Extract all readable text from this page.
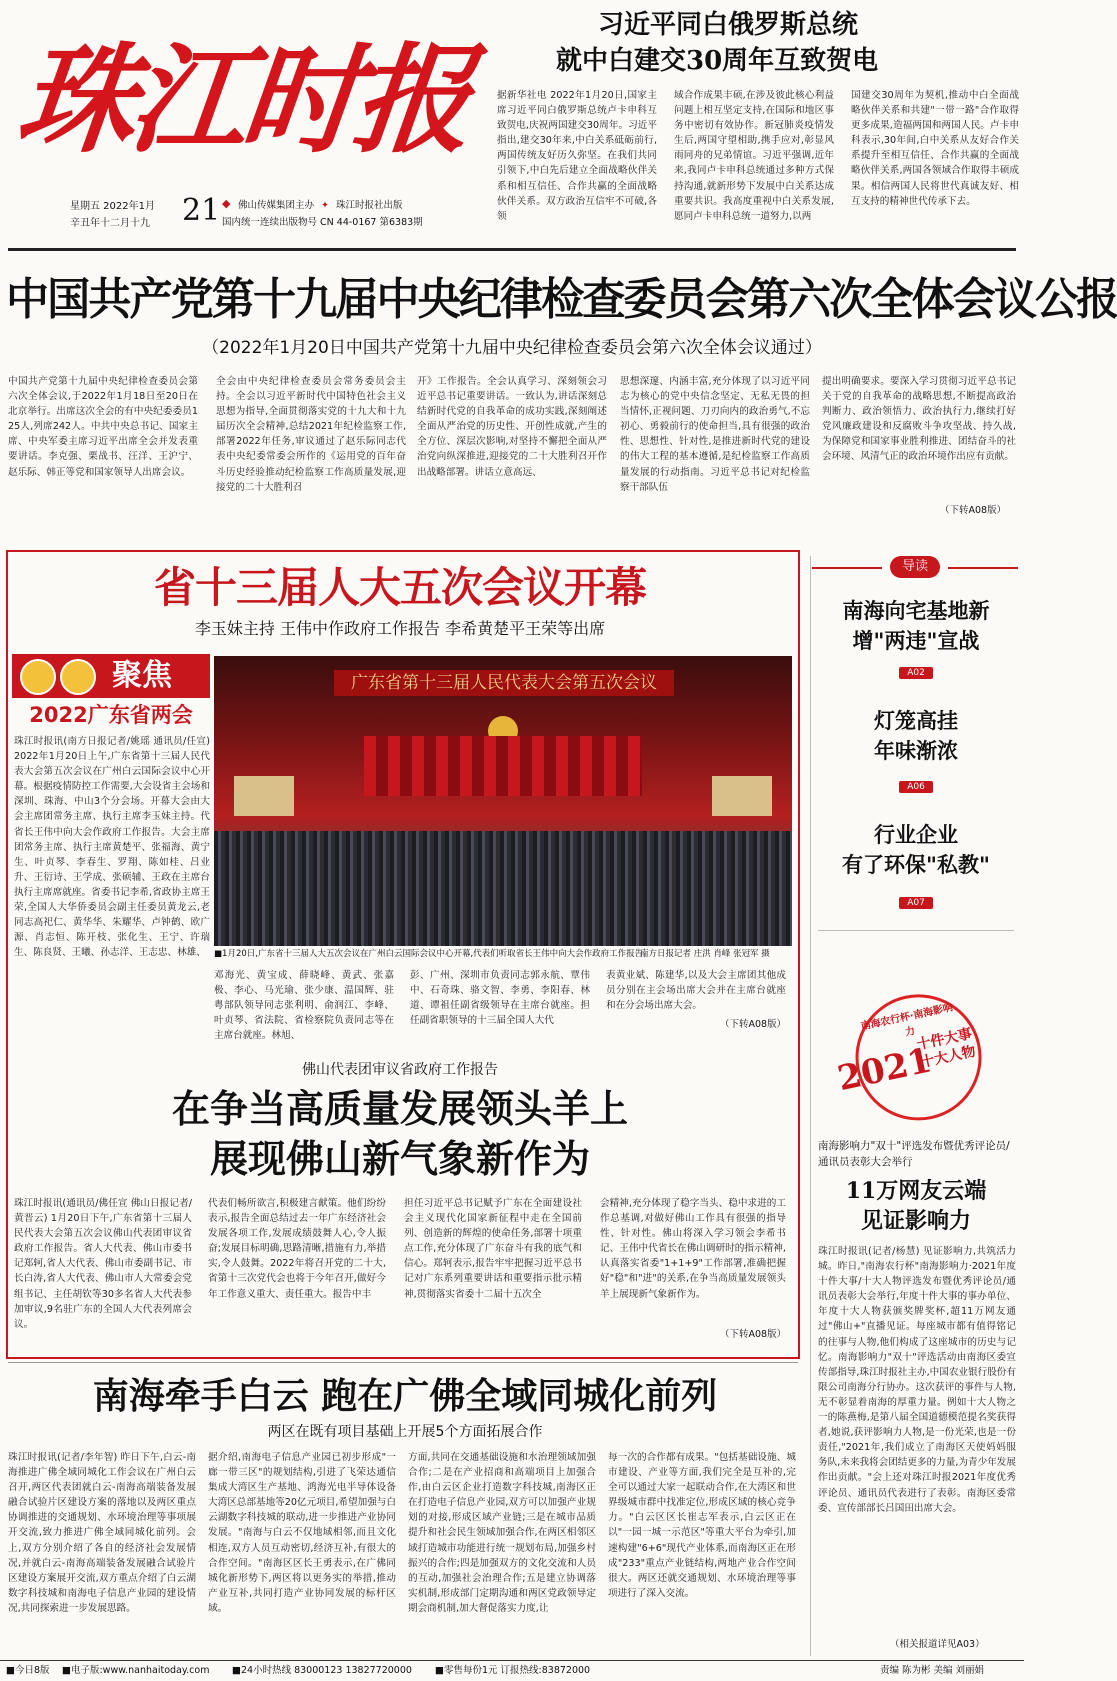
珠江时报
星期五 2022年1月
辛丑年十二月十九	21 ◆ 佛山传媒集团主办 ✦ 珠江时报社出版
国内统一连续出版物号 CN 44-0167 第6383期
习近平同白俄罗斯总统
就中白建交30周年互致贺电
据新华社电 2022年1月20日,国家主席习近平同白俄罗斯总统卢卡申科互致贺电,庆祝两国建交30周年。习近平指出,建交30年来,中白关系砥砺前行,两国传统友好历久弥坚。在我们共同引领下,中白先后建立全面战略伙伴关系和相互信任、合作共赢的全面战略伙伴关系。双方政治互信牢不可破,各领
域合作成果丰硕,在涉及彼此核心利益问题上相互坚定支持,在国际和地区事务中密切有效协作。新冠肺炎疫情发生后,两国守望相助,携手应对,彰显风雨同舟的兄弟情谊。习近平强调,近年来,我同卢卡申科总统通过多种方式保持沟通,就新形势下发展中白关系达成重要共识。我高度重视中白关系发展,愿同卢卡申科总统一道努力,以两
国建交30周年为契机,推动中白全面战略伙伴关系和共建"一带一路"合作取得更多成果,造福两国和两国人民。卢卡申科表示,30年间,白中关系从友好合作关系提升至相互信任、合作共赢的全面战略伙伴关系,两国各领域合作取得丰硕成果。相信两国人民将世代真诚友好、相互支持的精神世代传承下去。
中国共产党第十九届中央纪律检查委员会第六次全体会议公报
（2022年1月20日中国共产党第十九届中央纪律检查委员会第六次全体会议通过）
中国共产党第十九届中央纪律检查委员会第六次全体会议,于2022年1月18日至20日在北京举行。出席这次全会的有中央纪委委员125人,列席242人。中共中央总书记、国家主席、中央军委主席习近平出席全会并发表重要讲话。李克强、栗战书、汪洋、王沪宁、赵乐际、韩正等党和国家领导人出席会议。
全会由中央纪律检查委员会常务委员会主持。全会以习近平新时代中国特色社会主义思想为指导,全面贯彻落实党的十九大和十九届历次全会精神,总结2021年纪检监察工作,部署2022年任务,审议通过了赵乐际同志代表中央纪委常委会所作的《运用党的百年奋斗历史经验推动纪检监察工作高质量发展,迎接党的二十大胜利召
开》工作报告。全会认真学习、深刻领会习近平总书记重要讲话。一致认为,讲话深刻总结新时代党的自我革命的成功实践,深刻阐述全面从严治党的历史性、开创性成就,产生的全方位、深层次影响,对坚持不懈把全面从严治党向纵深推进,迎接党的二十大胜利召开作出战略部署。讲话立意高远、
思想深邃、内涵丰富,充分体现了以习近平同志为核心的党中央信念坚定、无私无畏的担当情怀,正视问题、刀刃向内的政治勇气,不忘初心、勇毅前行的使命担当,具有很强的政治性、思想性、针对性,是推进新时代党的建设的伟大工程的基本遵循,是纪检监察工作高质量发展的行动指南。习近平总书记对纪检监察干部队伍
提出明确要求。要深入学习贯彻习近平总书记关于党的自我革命的战略思想,不断提高政治判断力、政治领悟力、政治执行力,继续打好党风廉政建设和反腐败斗争攻坚战、持久战,为保障党和国家事业胜利推进、团结奋斗的社会环境、风清气正的政治环境作出应有贡献。
（下转A08版）
省十三届人大五次会议开幕
李玉妹主持 王伟中作政府工作报告 李希黄楚平王荣等出席
聚焦
2022广东省两会
珠江时报讯(南方日报记者/姚瑶 通讯员/任宣) 2022年1月20日上午,广东省第十三届人民代表大会第五次会议在广州白云国际会议中心开幕。根据疫情防控工作需要,大会设省主会场和深圳、珠海、中山3个分会场。开幕大会由大会主席团常务主席、执行主席李玉妹主持。代省长王伟中向大会作政府工作报告。大会主席团常务主席、执行主席黄楚平、张福海、黄宁生、叶贞琴、李春生、罗翔、陈如桂、吕业升、王衍诗、王学成、张硕辅、王政在主席台执行主席席就座。省委书记李希,省政协主席王荣,全国人大华侨委员会副主任委员黄龙云,老同志高祀仁、黄华华、朱耀华、卢钟鹤、欧广源、肖志恒、陈开枝、张化生、王宁、许瑞生、陈良贤、王曦、孙志洋、王志忠、林雄、
广东省第十三届人民代表大会第五次会议
■1月20日,广东省十三届人大五次会议在广州白云国际会议中心开幕,代表们听取省长王伟中向大会作政府工作报告。
南方日报记者 庄洪 肖峰 张冠军 摄
邓海光、黄宝成、薛晓峰、黄武、张嘉极、李心、马光瑜、张少康、温国辉、驻粤部队领导同志张利明、俞润江、李峰、叶贞琴、省法院、省检察院负责同志等在主席台就座。林旭、
彭、广州、深圳市负责同志郭永航、覃伟中、石奇珠、骆文智、李勇、李阳春、林道、谭祖任副省级领导在主席台就座。担任副省职领导的十三届全国人大代
表黄业斌、陈建华,以及大会主席团其他成员分别在主会场出席大会并在主席台就座和在分会场出席大会。
（下转A08版）
佛山代表团审议省政府工作报告
在争当高质量发展领头羊上
展现佛山新气象新作为
珠江时报讯(通讯员/佛任宣 佛山日报记者/黄晋云) 1月20日下午,广东省第十三届人民代表大会第五次会议佛山代表团审议省政府工作报告。省人大代表、佛山市委书记郑轲,省人大代表、佛山市委副书记、市长白涛,省人大代表、佛山市人大常委会党组书记、主任胡钦等30多名省人大代表参加审议,9名驻广东的全国人大代表列席会议。
代表们畅所欲言,积极建言献策。他们纷纷表示,报告全面总结过去一年广东经济社会发展各项工作,发展成绩鼓舞人心,令人振奋;发展目标明确,思路清晰,措施有力,举措实,令人鼓舞。2022年将召开党的二十大,省第十三次党代会也将于今年召开,做好今年工作意义重大、责任重大。报告中丰
担任习近平总书记赋予广东在全面建设社会主义现代化国家新征程中走在全国前列、创造新的辉煌的使命任务,部署十项重点工作,充分体现了广东奋斗有我的底气和信心。郑轲表示,报告牢牢把握习近平总书记对广东系列重要讲话和重要指示批示精神,贯彻落实省委十二届十五次全
会精神,充分体现了稳字当头、稳中求进的工作总基调,对做好佛山工作具有很强的指导性、针对性。佛山将深入学习领会李希书记、王伟中代省长在佛山调研时的指示精神,认真落实省委"1+1+9"工作部署,准确把握好"稳"和"进"的关系,在争当高质量发展领头羊上展现新气象新作为。
（下转A08版）
南海牵手白云 跑在广佛全域同城化前列
两区在既有项目基础上开展5个方面拓展合作
珠江时报讯(记者/李年智) 昨日下午,白云-南海推进广佛全域同城化工作会议在广州白云召开,两区代表团就白云-南海高端装备发展融合试验片区建设方案的落地以及两区重点协调推进的交通规划、水环境治理等事项展开交流,致力推进广佛全域同城化前列。会上,双方分别介绍了各自的经济社会发展情况,并就白云-南海高端装备发展融合试验片区建设方案展开交流,双方重点介绍了白云湖数字科技城和南海电子信息产业园的建设情况,共同探索进一步发展思路。
据介绍,南海电子信息产业园已初步形成"一廊一带三区"的规划结构,引进了飞荣达通信集成大湾区生产基地、鸿海光电半导体设备大湾区总部基地等20亿元项目,希望加强与白云湖数字科技城的联动,进一步推进产业协同发展。"南海与白云不仅地域相邻,而且文化相连,双方人员互动密切,经济互补,有很大的合作空间。"南海区区长王勇表示,在广佛同城化新形势下,两区将以更务实的举措,推动产业互补,共同打造产业协同发展的标杆区域。
方面,共同在交通基础设施和水治理领域加强合作;二是在产业招商和高端项目上加强合作,由白云区企业打造数字科技城,南海区正在打造电子信息产业园,双方可以加强产业规划的对接,形成区域产业链;三是在城市品质提升和社会民生领域加强合作,在两区相邻区域打造城市功能进行统一规划布局,加强乡村振兴的合作;四是加强双方的文化交流和人员的互动,加强社会治理合作;五是建立协调落实机制,形成部门定期沟通和两区党政领导定期会商机制,加大督促落实力度,让
每一次的合作都有成果。"包括基础设施、城市建设、产业等方面,我们完全是互补的,完全可以通过大家一起联动合作,在大湾区和世界级城市群中找准定位,形成区域的核心竞争力。"白云区区长崔志军表示,白云区正在以"一园一城一示范区"等重大平台为牵引,加速构建"6+6"现代产业体系,而南海区正在形成"233"重点产业链结构,两地产业合作空间很大。两区还就交通规划、水环境治理等事项进行了深入交流。
导读
南海向宅基地新增"两违"宣战
A02
灯笼高挂
年味渐浓
A06
行业企业
有了环保"私教"
A07
南海农行杯·南海影响力
2021
十件大事十大人物
南海影响力"双十"评选发布暨优秀评论员/通讯员表彰大会举行
11万网友云端
见证影响力
珠江时报讯(记者/杨慧) 见证影响力,共筑活力城。昨日,"南海农行杯"南海影响力·2021年度十件大事/十大人物评选发布暨优秀评论员/通讯员表彰大会举行,年度十件大事的事办单位、年度十大人物获颁奖牌奖杯,超11万网友通过"佛山+"直播见证。每座城市都有值得铭记的往事与人物,他们构成了这座城市的历史与记忆。南海影响力"双十"评选活动由南海区委宣传部指导,珠江时报社主办,中国农业银行股份有限公司南海分行协办。这次获评的事件与人物,无不彰显着南海的厚重力量。例如十大人物之一的陈燕梅,是第八届全国道德模范提名奖获得者,她说,获评影响力人物,是一份光荣,也是一份责任,"2021年,我们成立了南海区天使妈妈服务队,未来我将会团结更多的力量,为青少年发展作出贡献。"会上还对珠江时报2021年度优秀评论员、通讯员代表进行了表彰。南海区委常委、宣传部部长吕国田出席大会。
（相关报道详见A03）
■今日8版	■电子版:www.nanhaitoday.com	■24小时热线 83000123 13827720000	■零售每份1元 订报热线:83872000	责编 陈为彬 美编 刘丽娟
